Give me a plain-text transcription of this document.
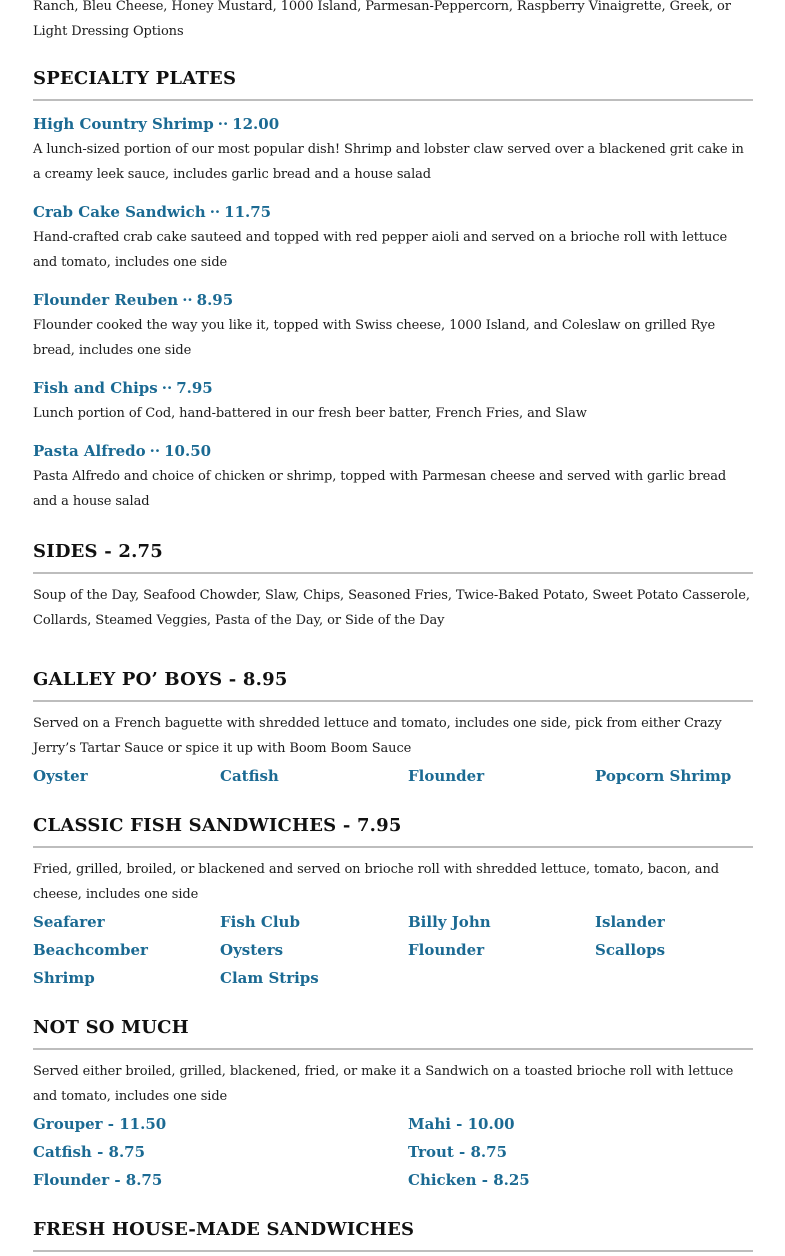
Ranch, Bleu Cheese, Honey Mustard, 1000 Island, Parmesan-Peppercorn, Raspberry Vinaigrette, Greek, or Light Dressing Options
SPECIALTY PLATES
High Country Shrimp ·· 12.00
A lunch-sized portion of our most popular dish! Shrimp and lobster claw served over a blackened grit cake in a creamy leek sauce, includes garlic bread and a house salad
Crab Cake Sandwich ·· 11.75
Hand-crafted crab cake sauteed and topped with red pepper aioli and served on a brioche roll with lettuce and tomato, includes one side
Flounder Reuben ·· 8.95
Flounder cooked the way you like it, topped with Swiss cheese, 1000 Island, and Coleslaw on grilled Rye bread, includes one side
Fish and Chips ·· 7.95
Lunch portion of Cod, hand-battered in our fresh beer batter, French Fries, and Slaw
Pasta Alfredo ·· 10.50
Pasta Alfredo and choice of chicken or shrimp, topped with Parmesan cheese and served with garlic bread and a house salad
SIDES - 2.75
Soup of the Day, Seafood Chowder, Slaw, Chips, Seasoned Fries, Twice-Baked Potato, Sweet Potato Casserole, Collards, Steamed Veggies, Pasta of the Day, or Side of the Day
GALLEY PO’ BOYS - 8.95
Served on a French baguette with shredded lettuce and tomato, includes one side, pick from either Crazy Jerry’s Tartar Sauce or spice it up with Boom Boom Sauce
Oyster	Catfish	Flounder	Popcorn Shrimp
CLASSIC FISH SANDWICHES - 7.95
Fried, grilled, broiled, or blackened and served on brioche roll with shredded lettuce, tomato, bacon, and cheese, includes one side
Seafarer	Fish Club	Billy John	Islander
Beachcomber	Oysters	Flounder	Scallops
Shrimp	Clam Strips
NOT SO MUCH
Served either broiled, grilled, blackened, fried, or make it a Sandwich on a toasted brioche roll with lettuce and tomato, includes one side
Grouper - 11.50	Mahi - 10.00
Catfish - 8.75	Trout - 8.75
Flounder - 8.75	Chicken - 8.25
FRESH HOUSE-MADE SANDWICHES
